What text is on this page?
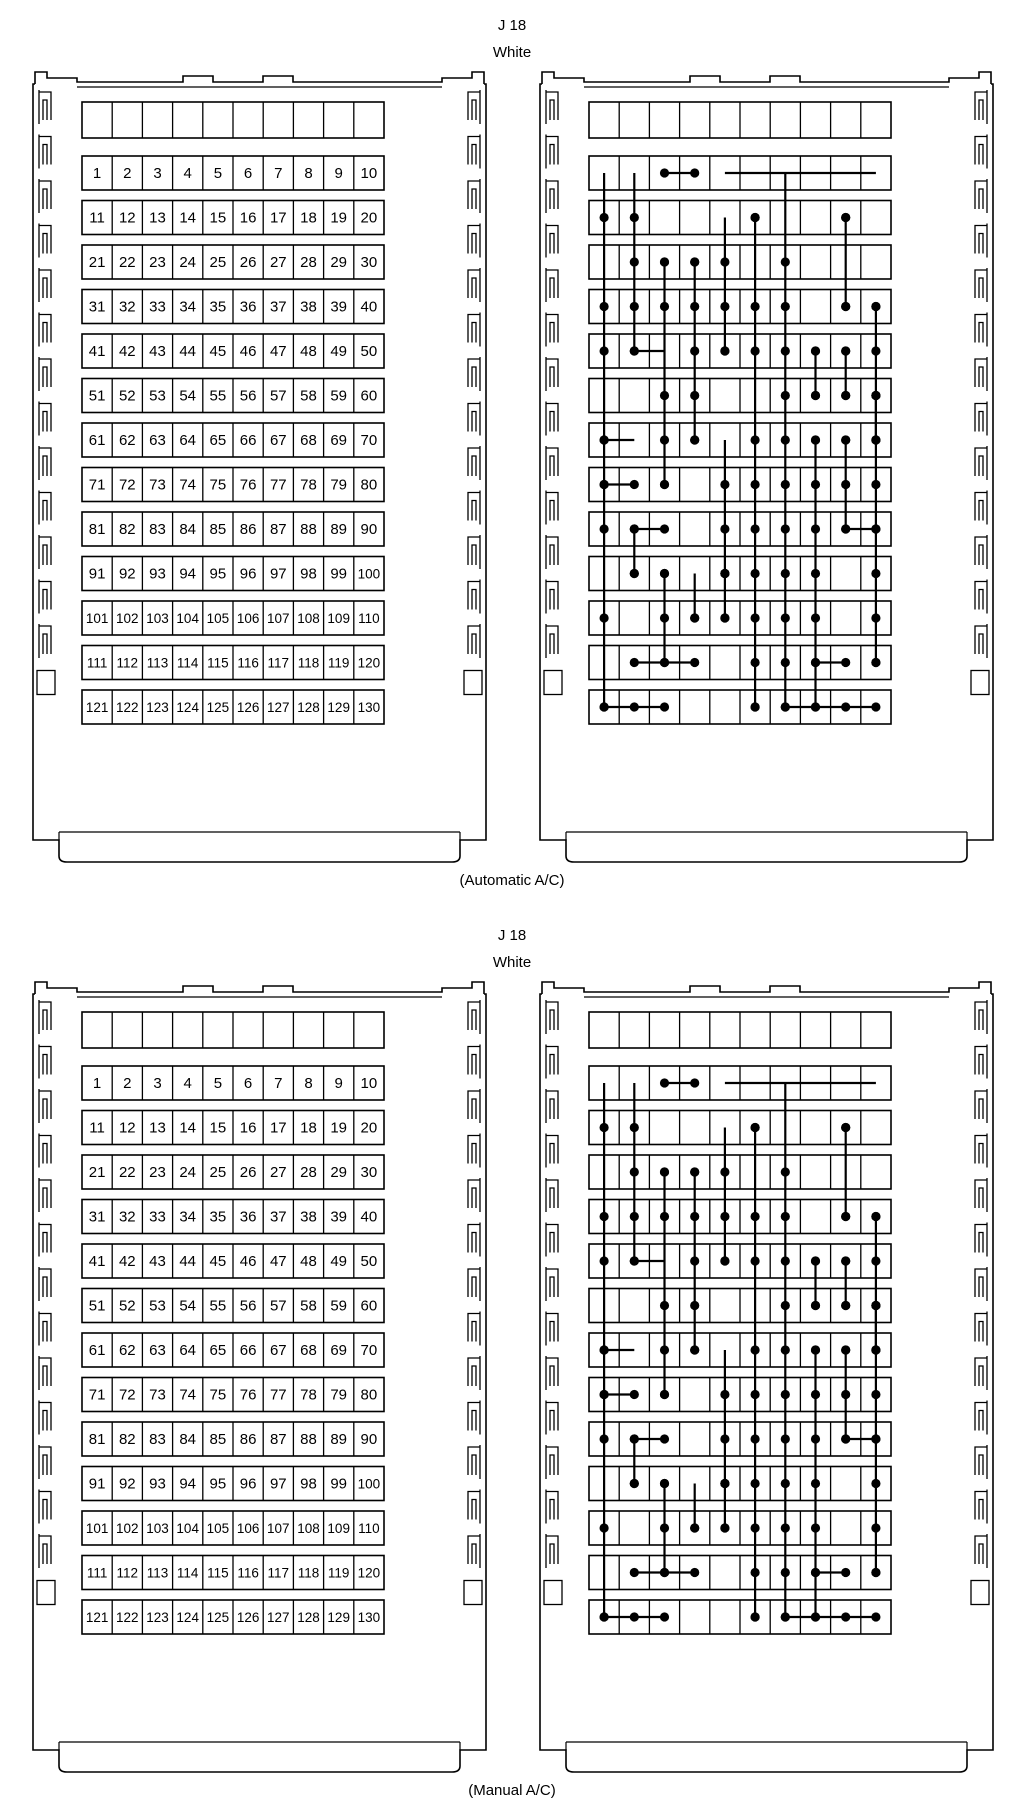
J 18
White
1 2 3 4 5 6 7 8 9 10
11 12 13 14 15 16 17 18 19 20
21 22 23 24 25 26 27 28 29 30
31 32 33 34 35 36 37 38 39 40
41 42 43 44 45 46 47 48 49 50
51 52 53 54 55 56 57 58 59 60
61 62 63 64 65 66 67 68 69 70
71 72 73 74 75 76 77 78 79 80
81 82 83 84 85 86 87 88 89 90
91 92 93 94 95 96 97 98 99 100
101 102 103 104 105 106 107 108 109 110
111 112 113 114 115 116 117 118 119 120
121 122 123 124 125 126 127 128 129 130
(Automatic A/C)
J 18
White
1 2 3 4 5 6 7 8 9 10
11 12 13 14 15 16 17 18 19 20
21 22 23 24 25 26 27 28 29 30
31 32 33 34 35 36 37 38 39 40
41 42 43 44 45 46 47 48 49 50
51 52 53 54 55 56 57 58 59 60
61 62 63 64 65 66 67 68 69 70
71 72 73 74 75 76 77 78 79 80
81 82 83 84 85 86 87 88 89 90
91 92 93 94 95 96 97 98 99 100
101 102 103 104 105 106 107 108 109 110
111 112 113 114 115 116 117 118 119 120
121 122 123 124 125 126 127 128 129 130
(Manual A/C)
